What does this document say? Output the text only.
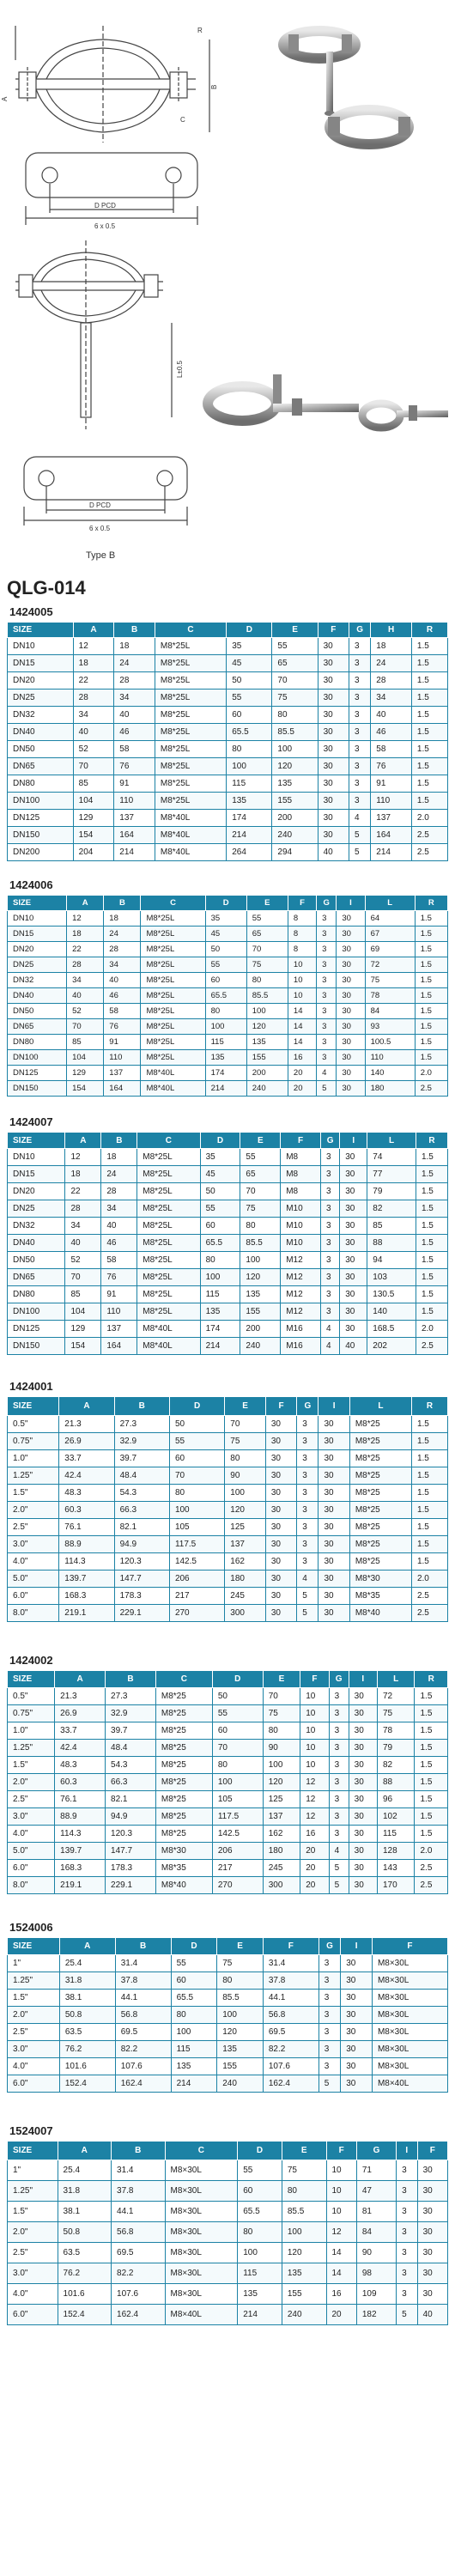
A
B
C
R
D PCD
6 x 0.5
L±0.5
D PCD
6 x 0.5
Type B
QLG-014
1424005
SIZE	A	B	C	D	E	F	G	H	R
DN10	12	18	M8*25L	35	55	30	3	18	1.5
DN15	18	24	M8*25L	45	65	30	3	24	1.5
DN20	22	28	M8*25L	50	70	30	3	28	1.5
DN25	28	34	M8*25L	55	75	30	3	34	1.5
DN32	34	40	M8*25L	60	80	30	3	40	1.5
DN40	40	46	M8*25L	65.5	85.5	30	3	46	1.5
DN50	52	58	M8*25L	80	100	30	3	58	1.5
DN65	70	76	M8*25L	100	120	30	3	76	1.5
DN80	85	91	M8*25L	115	135	30	3	91	1.5
DN100	104	110	M8*25L	135	155	30	3	110	1.5
DN125	129	137	M8*40L	174	200	30	4	137	2.0
DN150	154	164	M8*40L	214	240	30	5	164	2.5
DN200	204	214	M8*40L	264	294	40	5	214	2.5
1424006
SIZE	A	B	C	D	E	F	G	I	L	R
DN10	12	18	M8*25L	35	55	8	3	30	64	1.5
DN15	18	24	M8*25L	45	65	8	3	30	67	1.5
DN20	22	28	M8*25L	50	70	8	3	30	69	1.5
DN25	28	34	M8*25L	55	75	10	3	30	72	1.5
DN32	34	40	M8*25L	60	80	10	3	30	75	1.5
DN40	40	46	M8*25L	65.5	85.5	10	3	30	78	1.5
DN50	52	58	M8*25L	80	100	14	3	30	84	1.5
DN65	70	76	M8*25L	100	120	14	3	30	93	1.5
DN80	85	91	M8*25L	115	135	14	3	30	100.5	1.5
DN100	104	110	M8*25L	135	155	16	3	30	110	1.5
DN125	129	137	M8*40L	174	200	20	4	30	140	2.0
DN150	154	164	M8*40L	214	240	20	5	30	180	2.5
1424007
SIZE	A	B	C	D	E	F	G	I	L	R
DN10	12	18	M8*25L	35	55	M8	3	30	74	1.5
DN15	18	24	M8*25L	45	65	M8	3	30	77	1.5
DN20	22	28	M8*25L	50	70	M8	3	30	79	1.5
DN25	28	34	M8*25L	55	75	M10	3	30	82	1.5
DN32	34	40	M8*25L	60	80	M10	3	30	85	1.5
DN40	40	46	M8*25L	65.5	85.5	M10	3	30	88	1.5
DN50	52	58	M8*25L	80	100	M12	3	30	94	1.5
DN65	70	76	M8*25L	100	120	M12	3	30	103	1.5
DN80	85	91	M8*25L	115	135	M12	3	30	130.5	1.5
DN100	104	110	M8*25L	135	155	M12	3	30	140	1.5
DN125	129	137	M8*40L	174	200	M16	4	30	168.5	2.0
DN150	154	164	M8*40L	214	240	M16	4	40	202	2.5
1424001
SIZE	A	B	D	E	F	G	I	L	R
0.5"	21.3	27.3	50	70	30	3	30	M8*25	1.5
0.75"	26.9	32.9	55	75	30	3	30	M8*25	1.5
1.0"	33.7	39.7	60	80	30	3	30	M8*25	1.5
1.25"	42.4	48.4	70	90	30	3	30	M8*25	1.5
1.5"	48.3	54.3	80	100	30	3	30	M8*25	1.5
2.0"	60.3	66.3	100	120	30	3	30	M8*25	1.5
2.5"	76.1	82.1	105	125	30	3	30	M8*25	1.5
3.0"	88.9	94.9	117.5	137	30	3	30	M8*25	1.5
4.0"	114.3	120.3	142.5	162	30	3	30	M8*25	1.5
5.0"	139.7	147.7	206	180	30	4	30	M8*30	2.0
6.0"	168.3	178.3	217	245	30	5	30	M8*35	2.5
8.0"	219.1	229.1	270	300	30	5	30	M8*40	2.5
1424002
SIZE	A	B	C	D	E	F	G	I	L	R
0.5"	21.3	27.3	M8*25	50	70	10	3	30	72	1.5
0.75"	26.9	32.9	M8*25	55	75	10	3	30	75	1.5
1.0"	33.7	39.7	M8*25	60	80	10	3	30	78	1.5
1.25"	42.4	48.4	M8*25	70	90	10	3	30	79	1.5
1.5"	48.3	54.3	M8*25	80	100	10	3	30	82	1.5
2.0"	60.3	66.3	M8*25	100	120	12	3	30	88	1.5
2.5"	76.1	82.1	M8*25	105	125	12	3	30	96	1.5
3.0"	88.9	94.9	M8*25	117.5	137	12	3	30	102	1.5
4.0"	114.3	120.3	M8*25	142.5	162	16	3	30	115	1.5
5.0"	139.7	147.7	M8*30	206	180	20	4	30	128	2.0
6.0"	168.3	178.3	M8*35	217	245	20	5	30	143	2.5
8.0"	219.1	229.1	M8*40	270	300	20	5	30	170	2.5
1524006
SIZE	A	B	D	E	F	G	I	F
1"	25.4	31.4	55	75	31.4	3	30	M8×30L
1.25"	31.8	37.8	60	80	37.8	3	30	M8×30L
1.5"	38.1	44.1	65.5	85.5	44.1	3	30	M8×30L
2.0"	50.8	56.8	80	100	56.8	3	30	M8×30L
2.5"	63.5	69.5	100	120	69.5	3	30	M8×30L
3.0"	76.2	82.2	115	135	82.2	3	30	M8×30L
4.0"	101.6	107.6	135	155	107.6	3	30	M8×30L
6.0"	152.4	162.4	214	240	162.4	5	30	M8×40L
1524007
SIZE	A	B	C	D	E	F	G	I	F
1"	25.4	31.4	M8×30L	55	75	10	71	3	30
1.25"	31.8	37.8	M8×30L	60	80	10	47	3	30
1.5"	38.1	44.1	M8×30L	65.5	85.5	10	81	3	30
2.0"	50.8	56.8	M8×30L	80	100	12	84	3	30
2.5"	63.5	69.5	M8×30L	100	120	14	90	3	30
3.0"	76.2	82.2	M8×30L	115	135	14	98	3	30
4.0"	101.6	107.6	M8×30L	135	155	16	109	3	30
6.0"	152.4	162.4	M8×40L	214	240	20	182	5	40
